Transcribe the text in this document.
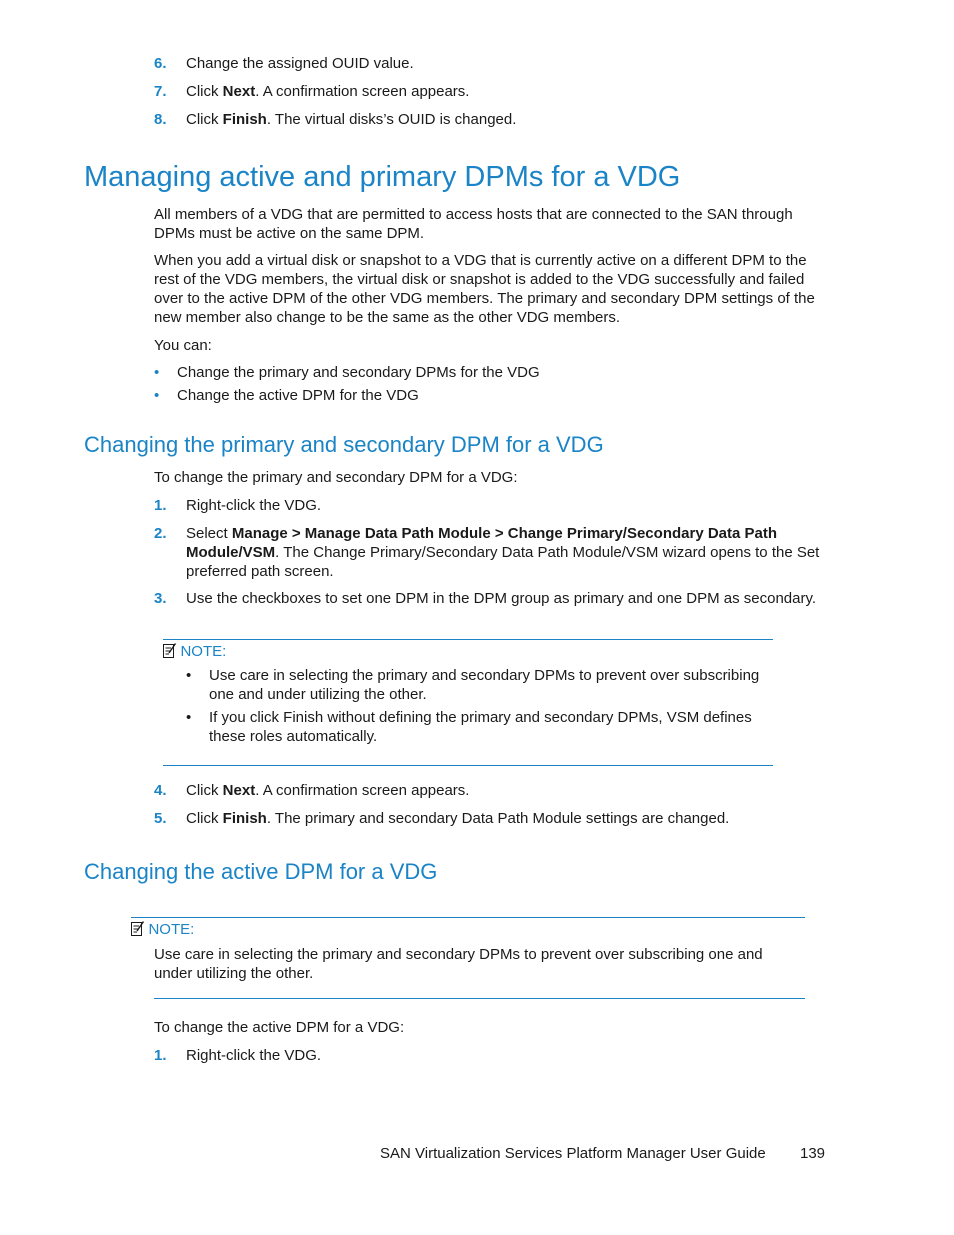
6. Change the assigned OUID value.
7. Click Next. A confirmation screen appears.
8. Click Finish. The virtual disks’s OUID is changed.
Managing active and primary DPMs for a VDG
All members of a VDG that are permitted to access hosts that are connected to the SAN through DPMs must be active on the same DPM.
When you add a virtual disk or snapshot to a VDG that is currently active on a different DPM to the rest of the VDG members, the virtual disk or snapshot is added to the VDG successfully and failed over to the active DPM of the other VDG members. The primary and secondary DPM settings of the new member also change to be the same as the other VDG members.
You can:
• Change the primary and secondary DPMs for the VDG
• Change the active DPM for the VDG
Changing the primary and secondary DPM for a VDG
To change the primary and secondary DPM for a VDG:
1. Right-click the VDG.
2. Select Manage > Manage Data Path Module > Change Primary/Secondary Data Path Module/VSM. The Change Primary/Secondary Data Path Module/VSM wizard opens to the Set preferred path screen.
3. Use the checkboxes to set one DPM in the DPM group as primary and one DPM as secondary.
NOTE:
• Use care in selecting the primary and secondary DPMs to prevent over subscribing one and under utilizing the other.
• If you click Finish without defining the primary and secondary DPMs, VSM defines these roles automatically.
4. Click Next. A confirmation screen appears.
5. Click Finish. The primary and secondary Data Path Module settings are changed.
Changing the active DPM for a VDG
NOTE:
Use care in selecting the primary and secondary DPMs to prevent over subscribing one and under utilizing the other.
To change the active DPM for a VDG:
1. Right-click the VDG.
SAN Virtualization Services Platform Manager User Guide 139
